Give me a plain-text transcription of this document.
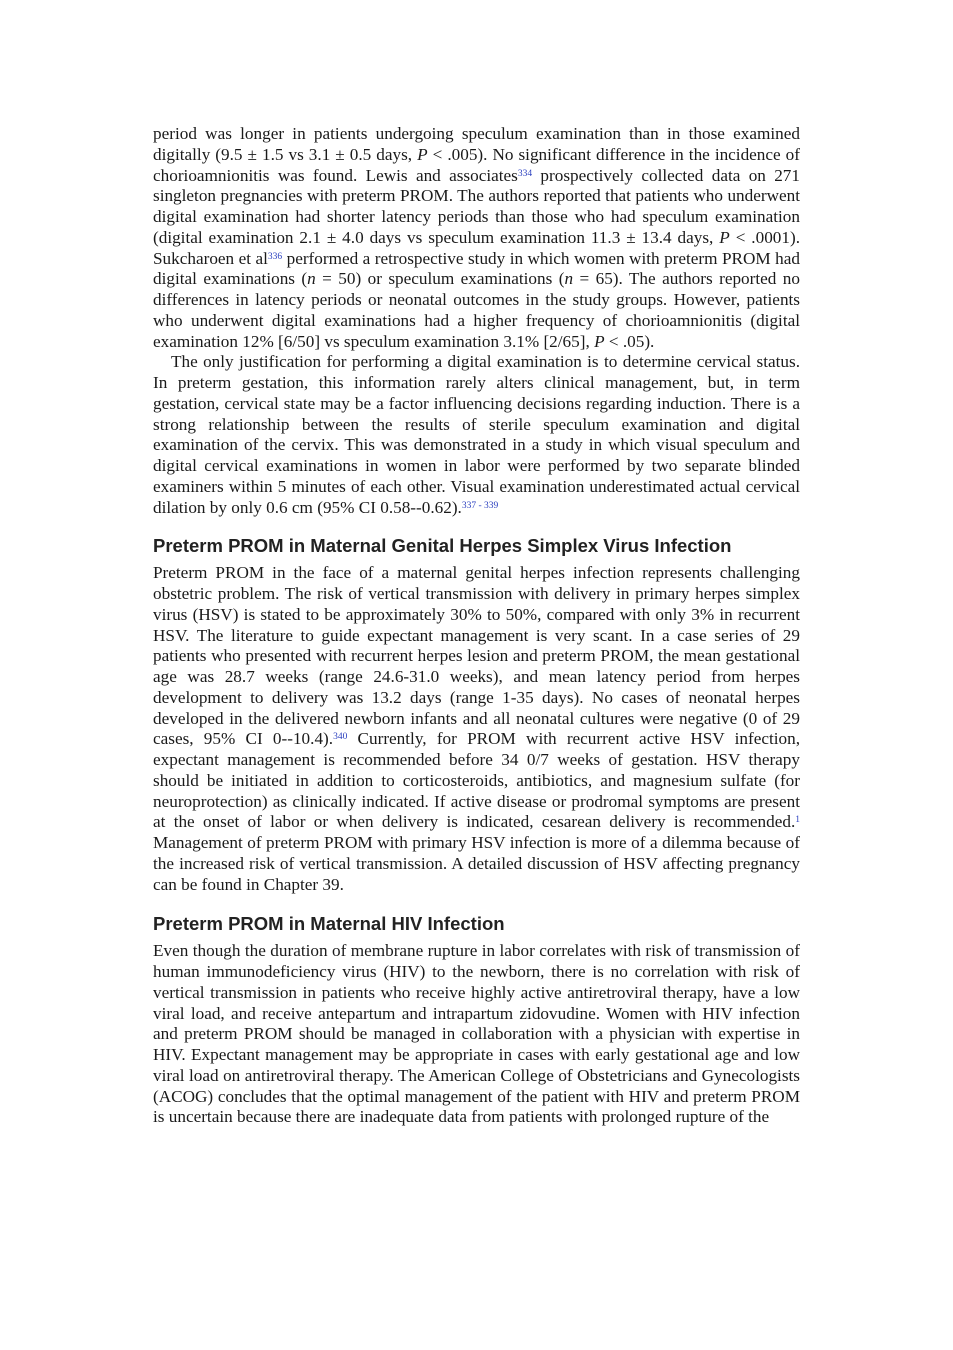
period was longer in patients undergoing speculum examination than in those examined digitally (9.5 ± 1.5 vs 3.1 ± 0.5 days, P < .005). No significant difference in the incidence of chorioamnionitis was found. Lewis and associates$^{334}$ prospectively collected data on 271 singleton pregnancies with preterm PROM. The authors reported that patients who underwent digital examination had shorter latency periods than those who had speculum examination (digital examination 2.1 ± 4.0 days vs speculum examination 11.3 ± 13.4 days, P < .0001). Sukcharoen et al$^{336}$ performed a retrospective study in which women with preterm PROM had digital examinations (n = 50) or speculum examinations (n = 65). The authors reported no differences in latency periods or neonatal outcomes in the study groups. However, patients who underwent digital examinations had a higher frequency of chorioamnionitis (digital examination 12% [6/50] vs speculum examination 3.1% [2/65], P < .05).

The only justification for performing a digital examination is to determine cervical status. In preterm gestation, this information rarely alters clinical management, but, in term gestation, cervical state may be a factor influencing decisions regarding induction. There is a strong relationship between the results of sterile speculum examination and digital examination of the cervix. This was demonstrated in a study in which visual speculum and digital cervical examinations in women in labor were performed by two separate blinded examiners within 5 minutes of each other. Visual examination underestimated actual cervical dilation by only 0.6 cm (95% CI 0.58--0.62).$^{337 - 339}$

Preterm PROM in Maternal Genital Herpes Simplex Virus Infection

Preterm PROM in the face of a maternal genital herpes infection represents challenging obstetric problem. The risk of vertical transmission with delivery in primary herpes simplex virus (HSV) is stated to be approximately 30% to 50%, compared with only 3% in recurrent HSV. The literature to guide expectant management is very scant. In a case series of 29 patients who presented with recurrent herpes lesion and preterm PROM, the mean gestational age was 28.7 weeks (range 24.6-31.0 weeks), and mean latency period from herpes development to delivery was 13.2 days (range 1-35 days). No cases of neonatal herpes developed in the delivered newborn infants and all neonatal cultures were negative (0 of 29 cases, 95% CI 0--10.4).$^{340}$ Currently, for PROM with recurrent active HSV infection, expectant management is recommended before 34 0/7 weeks of gestation. HSV therapy should be initiated in addition to corticosteroids, antibiotics, and magnesium sulfate (for neuroprotection) as clinically indicated. If active disease or prodromal symptoms are present at the onset of labor or when delivery is indicated, cesarean delivery is recommended.$^1$ Management of preterm PROM with primary HSV infection is more of a dilemma because of the increased risk of vertical transmission. A detailed discussion of HSV affecting pregnancy can be found in Chapter 39.

Preterm PROM in Maternal HIV Infection

Even though the duration of membrane rupture in labor correlates with risk of transmission of human immunodeficiency virus (HIV) to the newborn, there is no correlation with risk of vertical transmission in patients who receive highly active antiretroviral therapy, have a low viral load, and receive antepartum and intrapartum zidovudine. Women with HIV infection and preterm PROM should be managed in collaboration with a physician with expertise in HIV. Expectant management may be appropriate in cases with early gestational age and low viral load on antiretroviral therapy. The American College of Obstetricians and Gynecologists (ACOG) concludes that the optimal management of the patient with HIV and preterm PROM is uncertain because there are inadequate data from patients with prolonged rupture of the
